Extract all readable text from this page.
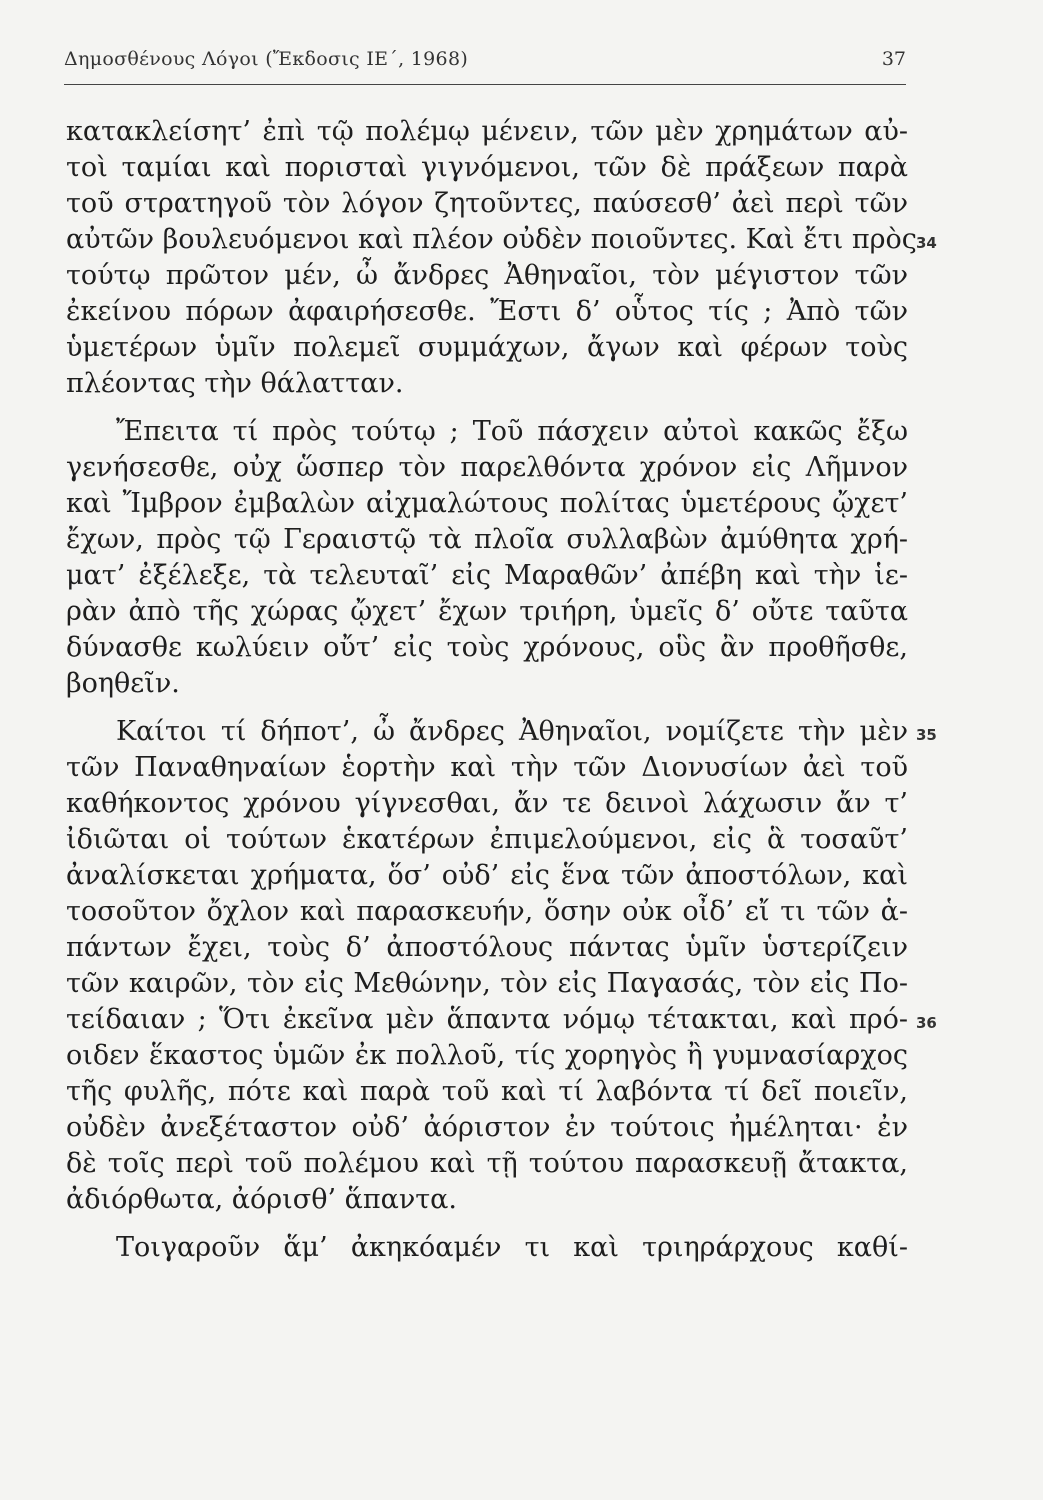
Δημοσθένους Λόγοι (Ἔκδοσις ΙΕ΄, 1968)	37
κατακλείσητ’ ἐπὶ τῷ πολέμῳ μένειν, τῶν μὲν χρημάτων αὐ-
τοὶ ταμίαι καὶ πορισταὶ γιγνόμενοι, τῶν δὲ πράξεων παρὰ
τοῦ στρατηγοῦ τὸν λόγον ζητοῦντες, παύσεσθ’ ἀεὶ περὶ τῶν
αὐτῶν βουλευόμενοι καὶ πλέον οὐδὲν ποιοῦντες. Καὶ ἔτι πρὸς
τούτῳ πρῶτον μέν, ὦ ἄνδρες Ἀθηναῖοι, τὸν μέγιστον τῶν
ἐκείνου πόρων ἀφαιρήσεσθε. Ἔστι δ’ οὗτος τίς ; Ἀπὸ τῶν
ὑμετέρων ὑμῖν πολεμεῖ συμμάχων, ἄγων καὶ φέρων τοὺς
πλέοντας τὴν θάλατταν.
Ἔπειτα τί πρὸς τούτῳ ; Τοῦ πάσχειν αὐτοὶ κακῶς ἔξω
γενήσεσθε, οὐχ ὥσπερ τὸν παρελθόντα χρόνον εἰς Λῆμνον
καὶ Ἴμβρον ἐμβαλὼν αἰχμαλώτους πολίτας ὑμετέρους ᾤχετ’
ἔχων, πρὸς τῷ Γεραιστῷ τὰ πλοῖα συλλαβὼν ἀμύθητα χρή-
ματ’ ἐξέλεξε, τὰ τελευταῖ’ εἰς Μαραθῶν’ ἀπέβη καὶ τὴν ἱε-
ρὰν ἀπὸ τῆς χώρας ᾤχετ’ ἔχων τριήρη, ὑμεῖς δ’ οὔτε ταῦτα
δύνασθε κωλύειν οὔτ’ εἰς τοὺς χρόνους, οὓς ἂν προθῆσθε,
βοηθεῖν.
Καίτοι τί δήποτ’, ὦ ἄνδρες Ἀθηναῖοι, νομίζετε τὴν μὲν
τῶν Παναθηναίων ἑορτὴν καὶ τὴν τῶν Διονυσίων ἀεὶ τοῦ
καθήκοντος χρόνου γίγνεσθαι, ἄν τε δεινοὶ λάχωσιν ἄν τ’
ἰδιῶται οἱ τούτων ἑκατέρων ἐπιμελούμενοι, εἰς ἃ τοσαῦτ’
ἀναλίσκεται χρήματα, ὅσ’ οὐδ’ εἰς ἕνα τῶν ἀποστόλων, καὶ
τοσοῦτον ὄχλον καὶ παρασκευήν, ὅσην οὐκ οἶδ’ εἴ τι τῶν ἁ-
πάντων ἔχει, τοὺς δ’ ἀποστόλους πάντας ὑμῖν ὑστερίζειν
τῶν καιρῶν, τὸν εἰς Μεθώνην, τὸν εἰς Παγασάς, τὸν εἰς Πο-
τείδαιαν ; Ὅτι ἐκεῖνα μὲν ἅπαντα νόμῳ τέτακται, καὶ πρό-
οιδεν ἕκαστος ὑμῶν ἐκ πολλοῦ, τίς χορηγὸς ἢ γυμνασίαρχος
τῆς φυλῆς, πότε καὶ παρὰ τοῦ καὶ τί λαβόντα τί δεῖ ποιεῖν,
οὐδὲν ἀνεξέταστον οὐδ’ ἀόριστον ἐν τούτοις ἠμέληται· ἐν
δὲ τοῖς περὶ τοῦ πολέμου καὶ τῇ τούτου παρασκευῇ ἄτακτα,
ἀδιόρθωτα, ἀόρισθ’ ἅπαντα.
Τοιγαροῦν ἅμ’ ἀκηκόαμέν τι καὶ τριηράρχους καθί-
34
35
36
